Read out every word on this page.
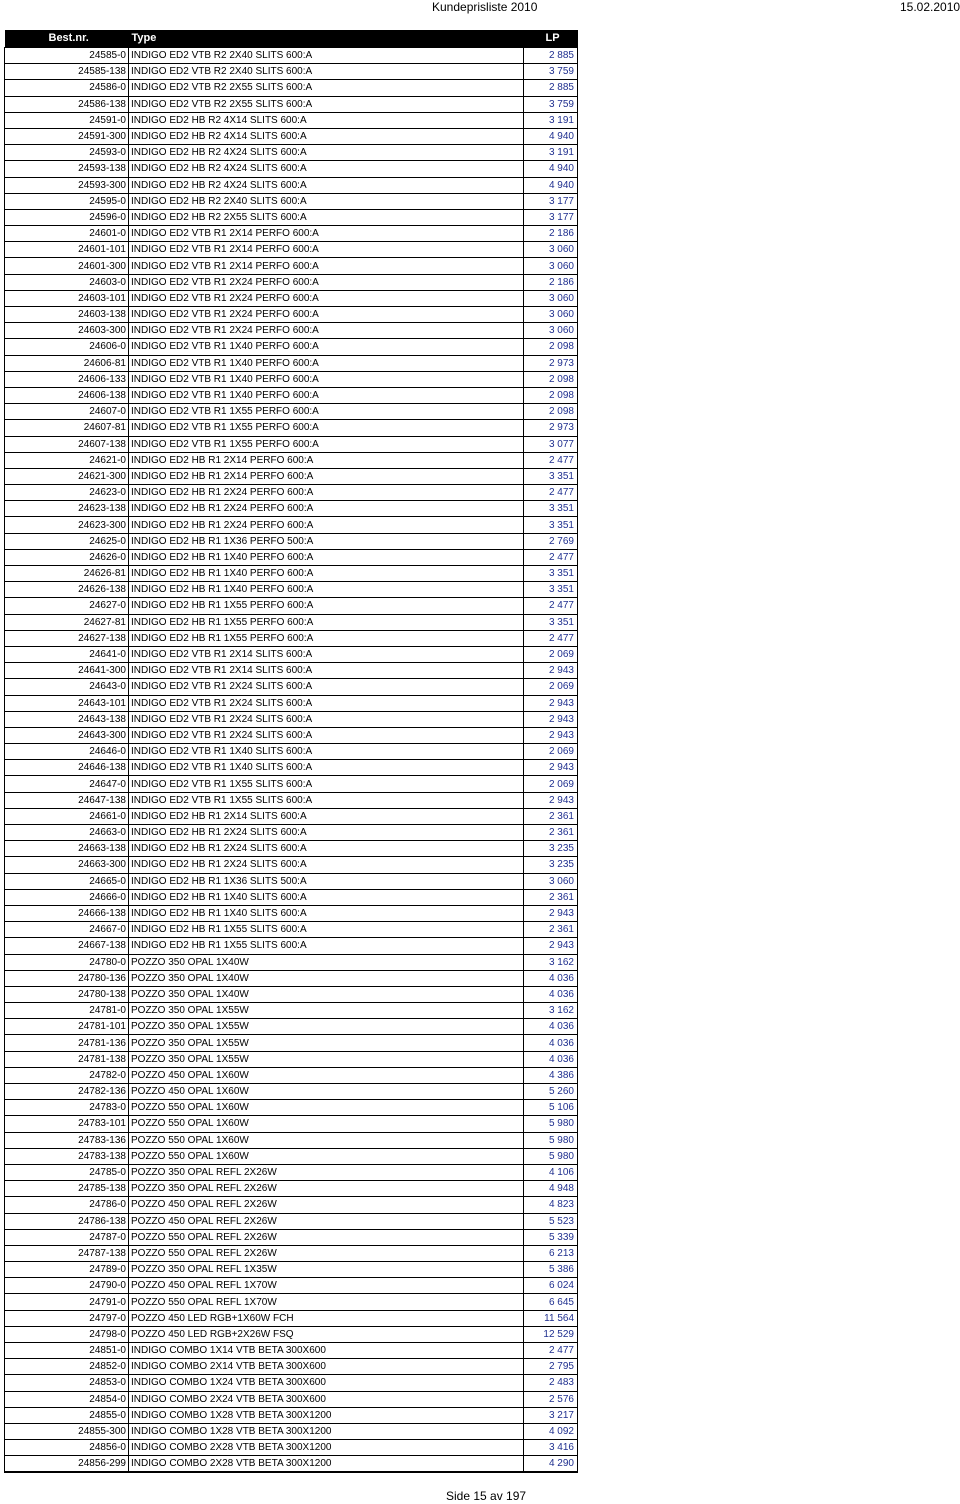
Kundeprisliste 2010	15.02.2010
Best.nr.	Type	LP
24585-0	INDIGO ED2 VTB R2 2X40 SLITS 600:A	2 885
24585-138	INDIGO ED2 VTB R2 2X40 SLITS 600:A	3 759
24586-0	INDIGO ED2 VTB R2 2X55 SLITS 600:A	2 885
24586-138	INDIGO ED2 VTB R2 2X55 SLITS 600:A	3 759
24591-0	INDIGO ED2 HB R2 4X14 SLITS 600:A	3 191
24591-300	INDIGO ED2 HB R2 4X14 SLITS 600:A	4 940
24593-0	INDIGO ED2 HB R2 4X24 SLITS 600:A	3 191
24593-138	INDIGO ED2 HB R2 4X24 SLITS 600:A	4 940
24593-300	INDIGO ED2 HB R2 4X24 SLITS 600:A	4 940
24595-0	INDIGO ED2 HB R2 2X40 SLITS 600:A	3 177
24596-0	INDIGO ED2 HB R2 2X55 SLITS 600:A	3 177
24601-0	INDIGO ED2 VTB R1 2X14 PERFO 600:A	2 186
24601-101	INDIGO ED2 VTB R1 2X14 PERFO 600:A	3 060
24601-300	INDIGO ED2 VTB R1 2X14 PERFO 600:A	3 060
24603-0	INDIGO ED2 VTB R1 2X24 PERFO 600:A	2 186
24603-101	INDIGO ED2 VTB R1 2X24 PERFO 600:A	3 060
24603-138	INDIGO ED2 VTB R1 2X24 PERFO 600:A	3 060
24603-300	INDIGO ED2 VTB R1 2X24 PERFO 600:A	3 060
24606-0	INDIGO ED2 VTB R1 1X40 PERFO 600:A	2 098
24606-81	INDIGO ED2 VTB R1 1X40 PERFO 600:A	2 973
24606-133	INDIGO ED2 VTB R1 1X40 PERFO 600:A	2 098
24606-138	INDIGO ED2 VTB R1 1X40 PERFO 600:A	2 098
24607-0	INDIGO ED2 VTB R1 1X55 PERFO 600:A	2 098
24607-81	INDIGO ED2 VTB R1 1X55 PERFO 600:A	2 973
24607-138	INDIGO ED2 VTB R1 1X55 PERFO 600:A	3 077
24621-0	INDIGO ED2 HB R1 2X14 PERFO 600:A	2 477
24621-300	INDIGO ED2 HB R1 2X14 PERFO 600:A	3 351
24623-0	INDIGO ED2 HB R1 2X24 PERFO 600:A	2 477
24623-138	INDIGO ED2 HB R1 2X24 PERFO 600:A	3 351
24623-300	INDIGO ED2 HB R1 2X24 PERFO 600:A	3 351
24625-0	INDIGO ED2 HB R1 1X36 PERFO 500:A	2 769
24626-0	INDIGO ED2 HB R1 1X40 PERFO 600:A	2 477
24626-81	INDIGO ED2 HB R1 1X40 PERFO 600:A	3 351
24626-138	INDIGO ED2 HB R1 1X40 PERFO 600:A	3 351
24627-0	INDIGO ED2 HB R1 1X55 PERFO 600:A	2 477
24627-81	INDIGO ED2 HB R1 1X55 PERFO 600:A	3 351
24627-138	INDIGO ED2 HB R1 1X55 PERFO 600:A	2 477
24641-0	INDIGO ED2 VTB R1 2X14 SLITS 600:A	2 069
24641-300	INDIGO ED2 VTB R1 2X14 SLITS 600:A	2 943
24643-0	INDIGO ED2 VTB R1 2X24 SLITS 600:A	2 069
24643-101	INDIGO ED2 VTB R1 2X24 SLITS 600:A	2 943
24643-138	INDIGO ED2 VTB R1 2X24 SLITS 600:A	2 943
24643-300	INDIGO ED2 VTB R1 2X24 SLITS 600:A	2 943
24646-0	INDIGO ED2 VTB R1 1X40 SLITS 600:A	2 069
24646-138	INDIGO ED2 VTB R1 1X40 SLITS 600:A	2 943
24647-0	INDIGO ED2 VTB R1 1X55 SLITS 600:A	2 069
24647-138	INDIGO ED2 VTB R1 1X55 SLITS 600:A	2 943
24661-0	INDIGO ED2 HB R1 2X14 SLITS 600:A	2 361
24663-0	INDIGO ED2 HB R1 2X24 SLITS 600:A	2 361
24663-138	INDIGO ED2 HB R1 2X24 SLITS 600:A	3 235
24663-300	INDIGO ED2 HB R1 2X24 SLITS 600:A	3 235
24665-0	INDIGO ED2 HB R1 1X36 SLITS 500:A	3 060
24666-0	INDIGO ED2 HB R1 1X40 SLITS 600:A	2 361
24666-138	INDIGO ED2 HB R1 1X40 SLITS 600:A	2 943
24667-0	INDIGO ED2 HB R1 1X55 SLITS 600:A	2 361
24667-138	INDIGO ED2 HB R1 1X55 SLITS 600:A	2 943
24780-0	POZZO 350 OPAL 1X40W	3 162
24780-136	POZZO 350 OPAL 1X40W	4 036
24780-138	POZZO 350 OPAL 1X40W	4 036
24781-0	POZZO 350 OPAL 1X55W	3 162
24781-101	POZZO 350 OPAL 1X55W	4 036
24781-136	POZZO 350 OPAL 1X55W	4 036
24781-138	POZZO 350 OPAL 1X55W	4 036
24782-0	POZZO 450 OPAL 1X60W	4 386
24782-136	POZZO 450 OPAL 1X60W	5 260
24783-0	POZZO 550 OPAL 1X60W	5 106
24783-101	POZZO 550 OPAL 1X60W	5 980
24783-136	POZZO 550 OPAL 1X60W	5 980
24783-138	POZZO 550 OPAL 1X60W	5 980
24785-0	POZZO 350 OPAL REFL 2X26W	4 106
24785-138	POZZO 350 OPAL REFL 2X26W	4 948
24786-0	POZZO 450 OPAL REFL 2X26W	4 823
24786-138	POZZO 450 OPAL REFL 2X26W	5 523
24787-0	POZZO 550 OPAL REFL 2X26W	5 339
24787-138	POZZO 550 OPAL REFL 2X26W	6 213
24789-0	POZZO 350 OPAL REFL 1X35W	5 386
24790-0	POZZO 450 OPAL REFL 1X70W	6 024
24791-0	POZZO 550 OPAL REFL 1X70W	6 645
24797-0	POZZO 450 LED RGB+1X60W FCH	11 564
24798-0	POZZO 450 LED RGB+2X26W FSQ	12 529
24851-0	INDIGO COMBO 1X14 VTB BETA 300X600	2 477
24852-0	INDIGO COMBO 2X14 VTB BETA 300X600	2 795
24853-0	INDIGO COMBO 1X24 VTB BETA 300X600	2 483
24854-0	INDIGO COMBO 2X24 VTB BETA 300X600	2 576
24855-0	INDIGO COMBO 1X28 VTB BETA 300X1200	3 217
24855-300	INDIGO COMBO 1X28 VTB BETA 300X1200	4 092
24856-0	INDIGO COMBO 2X28 VTB BETA 300X1200	3 416
24856-299	INDIGO COMBO 2X28 VTB BETA 300X1200	4 290
Side 15 av 197
